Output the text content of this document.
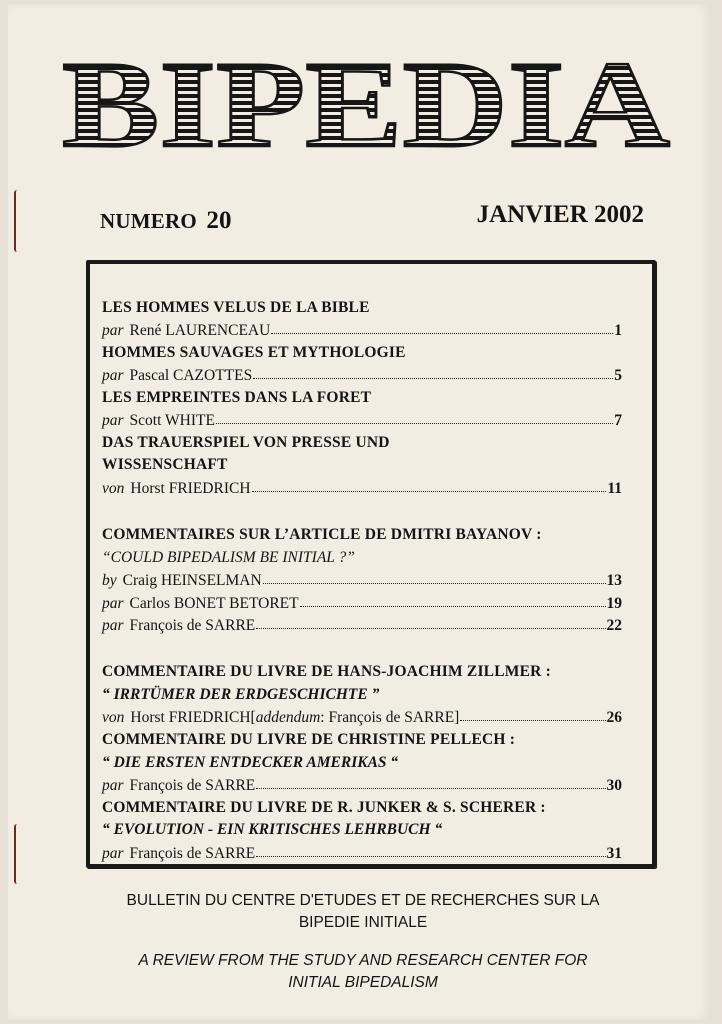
BIPEDIA
NUMERO 20	JANVIER 2002
LES HOMMES VELUS DE LA BIBLE
par René LAURENCEAU	1
HOMMES SAUVAGES ET MYTHOLOGIE
par Pascal CAZOTTES	5
LES EMPREINTES DANS LA FORET
par Scott WHITE	7
DAS TRAUERSPIEL VON PRESSE UND
WISSENSCHAFT
von Horst FRIEDRICH	11
COMMENTAIRES SUR L’ARTICLE DE DMITRI BAYANOV :
“COULD BIPEDALISM BE INITIAL ?”
by Craig HEINSELMAN	13
par Carlos BONET BETORET	19
par François de SARRE	22
COMMENTAIRE DU LIVRE DE HANS-JOACHIM ZILLMER :
“ IRRTÜMER DER ERDGESCHICHTE ”
von Horst FRIEDRICH [ addendum : François de SARRE]	26
COMMENTAIRE DU LIVRE DE CHRISTINE PELLECH :
“ DIE ERSTEN ENTDECKER AMERIKAS “
par François de SARRE	30
COMMENTAIRE DU LIVRE DE R. JUNKER & S. SCHERER :
“ EVOLUTION - EIN KRITISCHES LEHRBUCH “
par François de SARRE	31
BULLETIN DU CENTRE D'ETUDES ET DE RECHERCHES SUR LA
BIPEDIE INITIALE
A REVIEW FROM THE STUDY AND RESEARCH CENTER FOR
INITIAL BIPEDALISM
